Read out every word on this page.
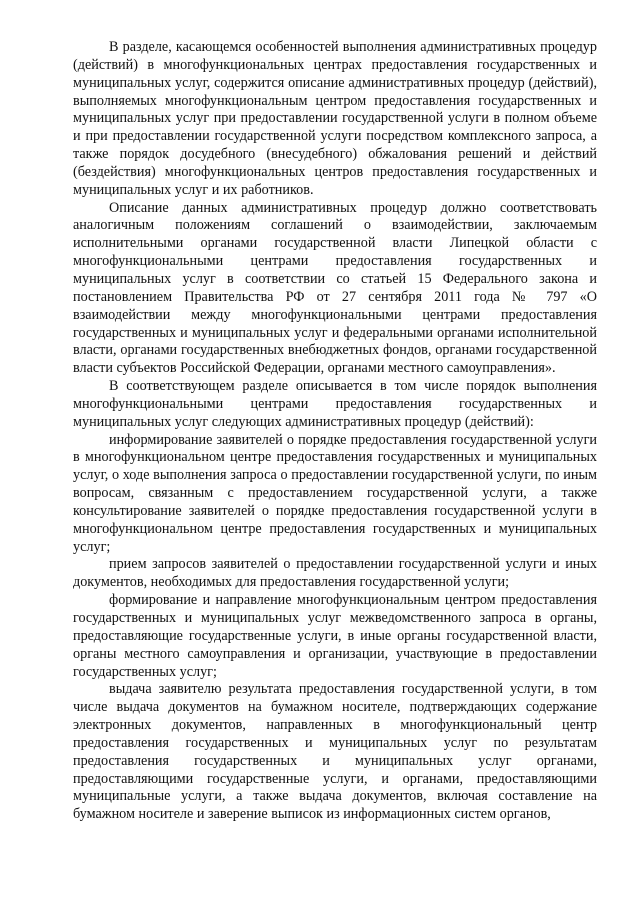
В разделе, касающемся особенностей выполнения административных процедур (действий) в многофункциональных центрах предоставления государственных и муниципальных услуг, содержится описание административных процедур (действий), выполняемых многофункциональным центром предоставления государственных и муниципальных услуг при предоставлении государственной услуги в полном объеме и при предоставлении государственной услуги посредством комплексного запроса, а также порядок досудебного (внесудебного) обжалования решений и действий (бездействия) многофункциональных центров предоставления государственных и муниципальных услуг и их работников.

Описание данных административных процедур должно соответствовать аналогичным положениям соглашений о взаимодействии, заключаемым исполнительными органами государственной власти Липецкой области с многофункциональными центрами предоставления государственных и муниципальных услуг в соответствии со статьей 15 Федерального закона и постановлением Правительства РФ от 27 сентября 2011 года № 797 «О взаимодействии между многофункциональными центрами предоставления государственных и муниципальных услуг и федеральными органами исполнительной власти, органами государственных внебюджетных фондов, органами государственной власти субъектов Российской Федерации, органами местного самоуправления».

В соответствующем разделе описывается в том числе порядок выполнения многофункциональными центрами предоставления государственных и муниципальных услуг следующих административных процедур (действий):

информирование заявителей о порядке предоставления государственной услуги в многофункциональном центре предоставления государственных и муниципальных услуг, о ходе выполнения запроса о предоставлении государственной услуги, по иным вопросам, связанным с предоставлением государственной услуги, а также консультирование заявителей о порядке предоставления государственной услуги в многофункциональном центре предоставления государственных и муниципальных услуг;

прием запросов заявителей о предоставлении государственной услуги и иных документов, необходимых для предоставления государственной услуги;

формирование и направление многофункциональным центром предоставления государственных и муниципальных услуг межведомственного запроса в органы, предоставляющие государственные услуги, в иные органы государственной власти, органы местного самоуправления и организации, участвующие в предоставлении государственных услуг;

выдача заявителю результата предоставления государственной услуги, в том числе выдача документов на бумажном носителе, подтверждающих содержание электронных документов, направленных в многофункциональный центр предоставления государственных и муниципальных услуг по результатам предоставления государственных и муниципальных услуг органами, предоставляющими государственные услуги, и органами, предоставляющими муниципальные услуги, а также выдача документов, включая составление на бумажном носителе и заверение выписок из информационных систем органов,
